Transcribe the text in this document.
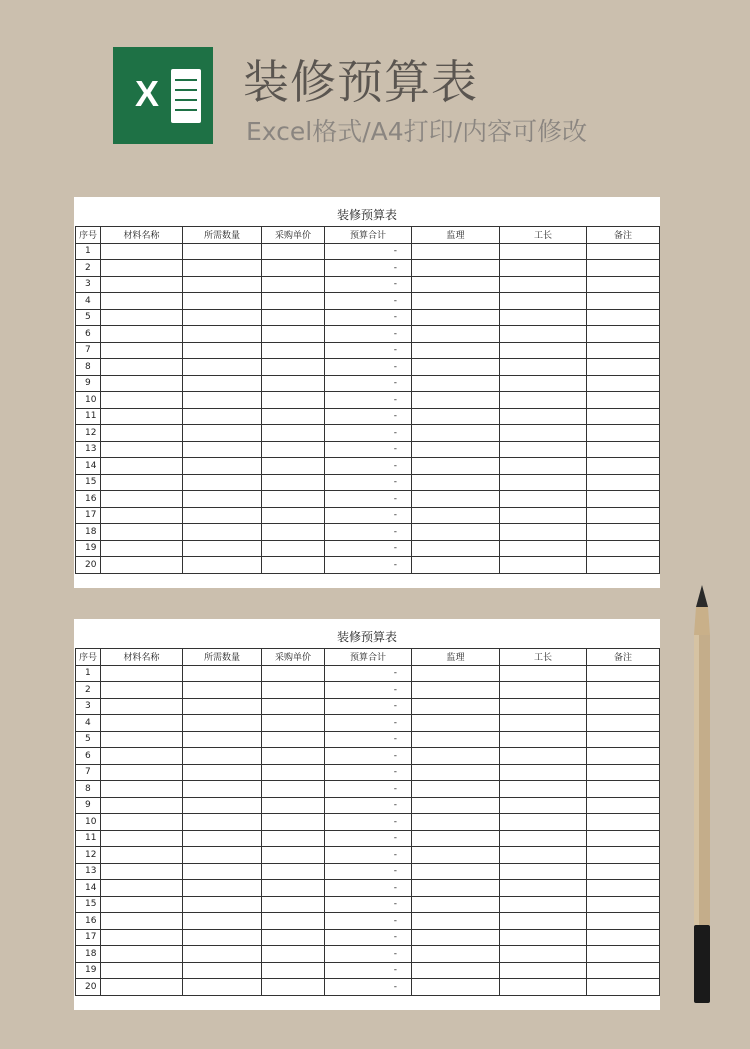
X 装修预算表
Excel格式/A4打印/内容可修改
装修预算表
序号	材料名称	所需数量	采购单价	预算合计	监理	工长	备注
1				-			
2				-			
3				-			
4				-			
5				-			
6				-			
7				-			
8				-			
9				-			
10				-			
11				-			
12				-			
13				-			
14				-			
15				-			
16				-			
17				-			
18				-			
19				-			
20				-			
装修预算表
序号	材料名称	所需数量	采购单价	预算合计	监理	工长	备注
1				-			
2				-			
3				-			
4				-			
5				-			
6				-			
7				-			
8				-			
9				-			
10				-			
11				-			
12				-			
13				-			
14				-			
15				-			
16				-			
17				-			
18				-			
19				-			
20				-			
